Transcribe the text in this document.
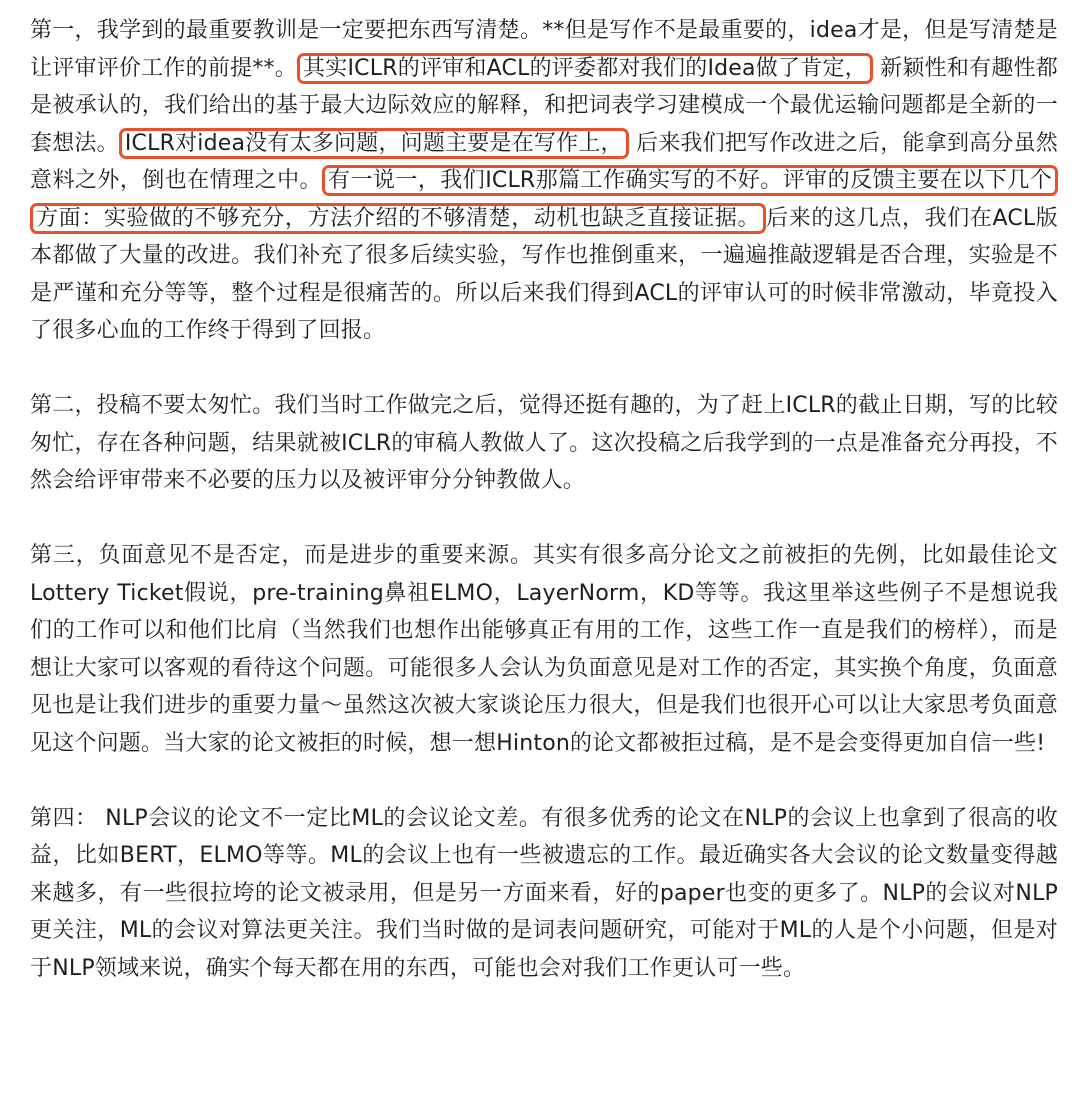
第一，我学到的最重要教训是一定要把东西写清楚。**但是写作不是最重要的，idea才是，但是写清楚是让评审评价工作的前提**。 其实ICLR的评审和ACL的评委都对我们的Idea做了肯定， 新颖性和有趣性都是被承认的，我们给出的基于最大边际效应的解释，和把词表学习建模成一个最优运输问题都是全新的一套想法。 ICLR对idea没有太多问题，问题主要是在写作上， 后来我们把写作改进之后，能拿到高分虽然意料之外，倒也在情理之中。 有一说一，我们ICLR那篇工作确实写的不好。评审的反馈主要在以下几个方面：实验做的不够充分，方法介绍的不够清楚，动机也缺乏直接证据。 后来的这几点，我们在ACL版本都做了大量的改进。我们补充了很多后续实验，写作也推倒重来，一遍遍推敲逻辑是否合理，实验是不是严谨和充分等等，整个过程是很痛苦的。所以后来我们得到ACL的评审认可的时候非常激动，毕竟投入了很多心血的工作终于得到了回报。

第二，投稿不要太匆忙。我们当时工作做完之后，觉得还挺有趣的，为了赶上ICLR的截止日期，写的比较匆忙，存在各种问题，结果就被ICLR的审稿人教做人了。这次投稿之后我学到的一点是准备充分再投，不然会给评审带来不必要的压力以及被评审分分钟教做人。

第三，负面意见不是否定，而是进步的重要来源。其实有很多高分论文之前被拒的先例，比如最佳论文 Lottery Ticket假说，pre-training鼻祖ELMO，LayerNorm，KD等等。我这里举这些例子不是想说我们的工作可以和他们比肩（当然我们也想作出能够真正有用的工作，这些工作一直是我们的榜样），而是想让大家可以客观的看待这个问题。可能很多人会认为负面意见是对工作的否定，其实换个角度，负面意见也是让我们进步的重要力量～虽然这次被大家谈论压力很大，但是我们也很开心可以让大家思考负面意见这个问题。当大家的论文被拒的时候，想一想Hinton的论文都被拒过稿，是不是会变得更加自信一些!

第四： NLP会议的论文不一定比ML的会议论文差。有很多优秀的论文在NLP的会议上也拿到了很高的收益，比如BERT，ELMO等等。ML的会议上也有一些被遗忘的工作。最近确实各大会议的论文数量变得越来越多，有一些很拉垮的论文被录用，但是另一方面来看，好的paper也变的更多了。NLP的会议对NLP更关注，ML的会议对算法更关注。我们当时做的是词表问题研究，可能对于ML的人是个小问题，但是对于NLP领域来说，确实个每天都在用的东西，可能也会对我们工作更认可一些。
